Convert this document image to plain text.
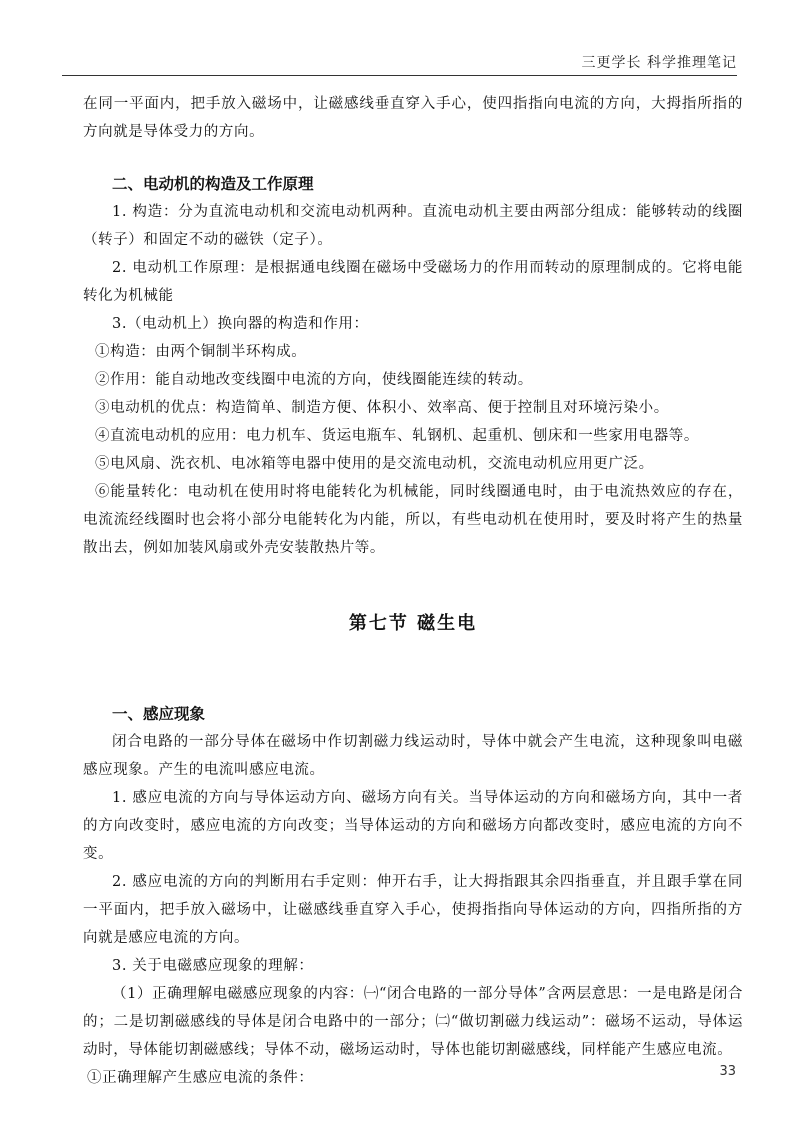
三更学长 科学推理笔记

在同一平面内，把手放入磁场中，让磁感线垂直穿入手心，使四指指向电流的方向，大拇指所指的方向就是导体受力的方向。

二、电动机的构造及工作原理

1. 构造：分为直流电动机和交流电动机两种。直流电动机主要由两部分组成：能够转动的线圈（转子）和固定不动的磁铁（定子）。

2. 电动机工作原理：是根据通电线圈在磁场中受磁场力的作用而转动的原理制成的。它将电能转化为机械能

3.（电动机上）换向器的构造和作用：

①构造：由两个铜制半环构成。

②作用：能自动地改变线圈中电流的方向，使线圈能连续的转动。

③电动机的优点：构造简单、制造方便、体积小、效率高、便于控制且对环境污染小。

④直流电动机的应用：电力机车、货运电瓶车、轧钢机、起重机、刨床和一些家用电器等。

⑤电风扇、洗衣机、电冰箱等电器中使用的是交流电动机，交流电动机应用更广泛。

⑥能量转化：电动机在使用时将电能转化为机械能，同时线圈通电时，由于电流热效应的存在，电流流经线圈时也会将小部分电能转化为内能，所以，有些电动机在使用时，要及时将产生的热量散出去，例如加装风扇或外壳安装散热片等。

第七节 磁生电
一、感应现象

闭合电路的一部分导体在磁场中作切割磁力线运动时，导体中就会产生电流，这种现象叫电磁感应现象。产生的电流叫感应电流。

1. 感应电流的方向与导体运动方向、磁场方向有关。当导体运动的方向和磁场方向，其中一者的方向改变时，感应电流的方向改变；当导体运动的方向和磁场方向都改变时，感应电流的方向不变。

2. 感应电流的方向的判断用右手定则：伸开右手，让大拇指跟其余四指垂直，并且跟手掌在同一平面内，把手放入磁场中，让磁感线垂直穿入手心，使拇指指向导体运动的方向，四指所指的方向就是感应电流的方向。

3. 关于电磁感应现象的理解：

（1）正确理解电磁感应现象的内容：㈠“闭合电路的一部分导体”含两层意思：一是电路是闭合的；二是切割磁感线的导体是闭合电路中的一部分；㈡“做切割磁力线运动”：磁场不运动，导体运动时，导体能切割磁感线；导体不动，磁场运动时，导体也能切割磁感线，同样能产生感应电流。

①正确理解产生感应电流的条件：	33
